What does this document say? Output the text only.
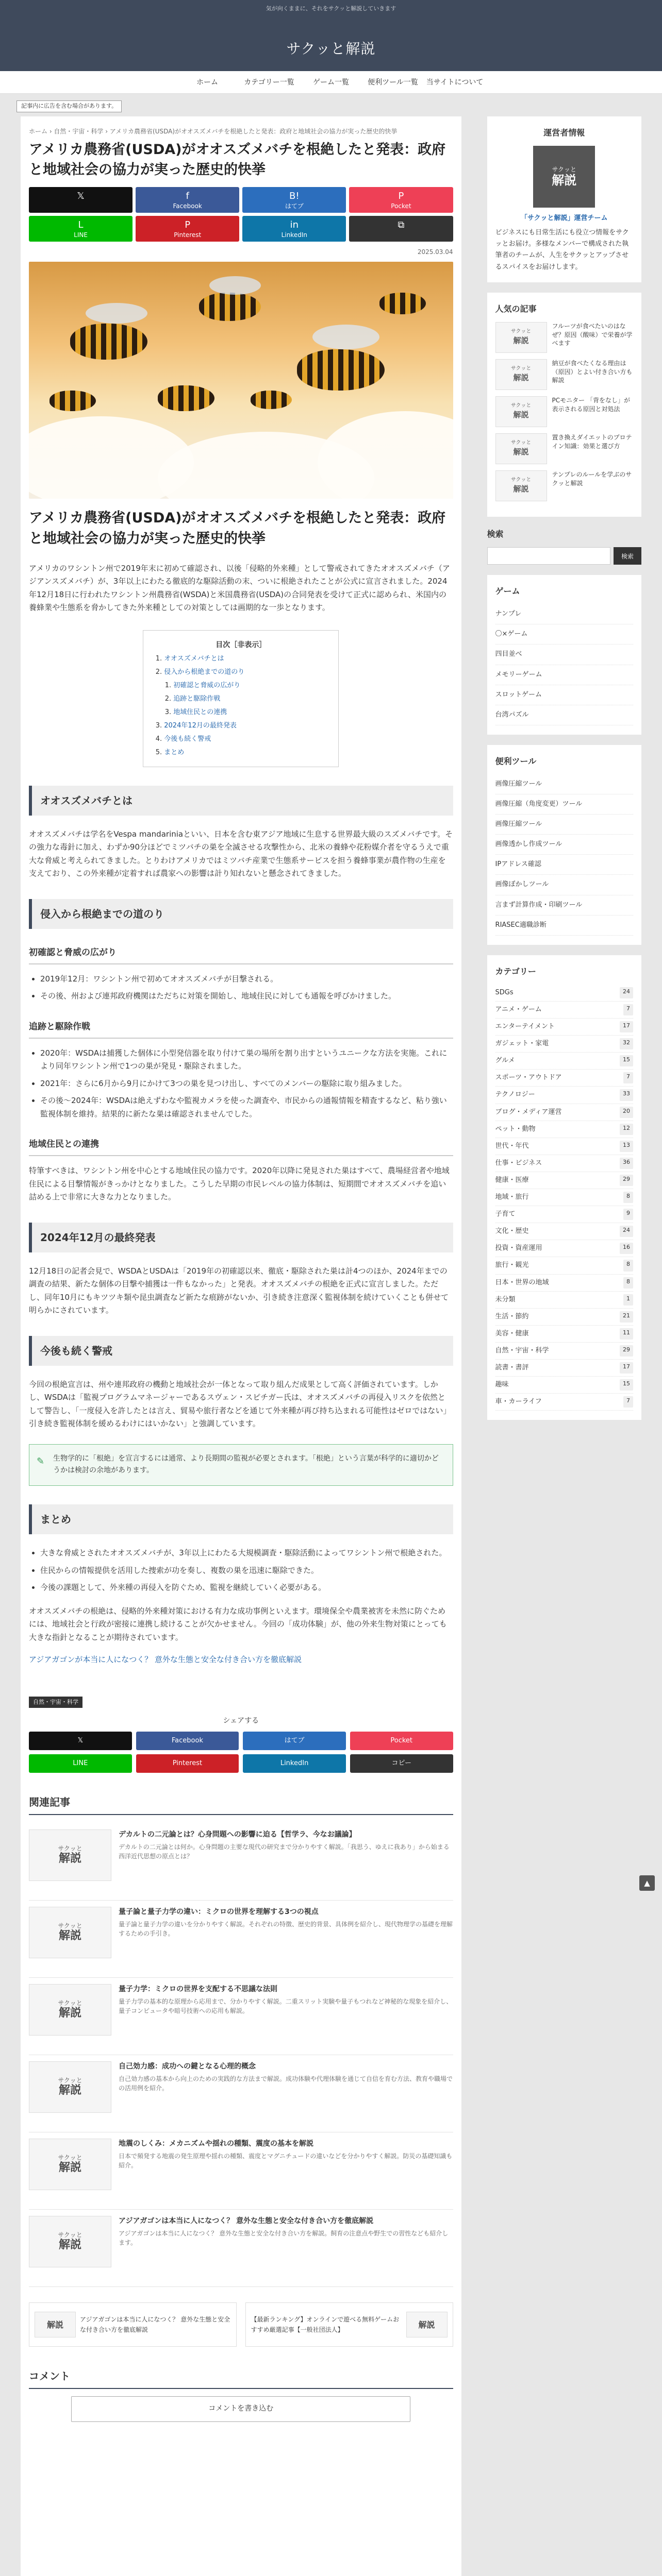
気が向くままに、それをサクッと解説していきます
サクッと解説
ホーム	カテゴリー一覧	ゲーム一覧	便利ツール一覧	当サイトについて
記事内に広告を含む場合があります。
ホーム › 自然・宇宙・科学 › アメリカ農務省(USDA)がオオスズメバチを根絶したと発表：政府と地域社会の協力が実った歴史的快挙
アメリカ農務省(USDA)がオオスズメバチを根絶したと発表：政府と地域社会の協力が実った歴史的快挙
𝕏	f
Facebook
B!
はてブ
P
Pocket
L
LINE
P
Pinterest
in
LinkedIn
⧉
2025.03.04
アメリカ農務省(USDA)がオオスズメバチを根絶したと発表：政府と地域社会の協力が実った歴史的快挙

アメリカのワシントン州で2019年末に初めて確認され、以後「侵略的外来種」として警戒されてきたオオスズメバチ（アジアンスズメバチ）が、3年以上にわたる徹底的な駆除活動の末、ついに根絶されたことが公式に宣言されました。2024年12月18日に行われたワシントン州農務省(WSDA)と米国農務省(USDA)の合同発表を受けて正式に認められ、米国内の養蜂業や生態系を脅かしてきた外来種としての対策としては画期的な一歩となります。

目次［非表示］
1. オオスズメバチとは
2. 侵入から根絶までの道のり
1. 初確認と脅威の広がり
2. 追跡と駆除作戦
3. 地域住民との連携
3. 2024年12月の最終発表
4. 今後も続く警戒
5. まとめ
オオスズメバチとは

オオスズメバチは学名をVespa mandariniaといい、日本を含む東アジア地域に生息する世界最大級のスズメバチです。その強力な毒針に加え、わずか90分ほどでミツバチの巣を全滅させる攻撃性から、北米の養蜂や花粉媒介者を守るうえで重大な脅威と考えられてきました。とりわけアメリカではミツバチ産業で生態系サービスを担う養蜂事業が農作物の生産を支えており、この外来種が定着すれば農家への影響は計り知れないと懸念されてきました。

侵入から根絶までの道のり
初確認と脅威の広がり
• 2019年12月：ワシントン州で初めてオオスズメバチが目撃される。
• その後、州および連邦政府機関はただちに対策を開始し、地域住民に対しても通報を呼びかけました。
追跡と駆除作戦
• 2020年：WSDAは捕獲した個体に小型発信器を取り付けて巣の場所を割り出すというユニークな方法を実施。これにより同年ワシントン州で1つの巣が発見・駆除されました。
• 2021年：さらに6月から9月にかけて3つの巣を見つけ出し、すべてのメンバーの駆除に取り組みました。
• その後〜2024年：WSDAは絶えずわなや監視カメラを使った調査や、市民からの通報情報を精査するなど、粘り強い監視体制を維持。結果的に新たな巣は確認されませんでした。
地域住民との連携

特筆すべきは、ワシントン州を中心とする地域住民の協力です。2020年以降に発見された巣はすべて、農場経営者や地域住民による目撃情報がきっかけとなりました。こうした早期の市民レベルの協力体制は、短期間でオオスズメバチを追い詰める上で非常に大きな力となりました。

2024年12月の最終発表

12月18日の記者会見で、WSDAとUSDAは「2019年の初確認以来、徹底・駆除された巣は計4つのほか、2024年までの調査の結果、新たな個体の目撃や捕獲は一件もなかった」と発表。オオスズメバチの根絶を正式に宣言しました。ただし、同年10月にもキツツキ類や昆虫調査など新たな痕跡がないか、引き続き注意深く監視体制を続けていくことも併せて明らかにされています。

今後も続く警戒

今回の根絶宣言は、州や連邦政府の機動と地域社会が一体となって取り組んだ成果として高く評価されています。しかし、WSDAは「監視プログラムマネージャーであるスヴェン・スピチガー氏は、オオスズメバチの再侵入リスクを依然として警告し、「一度侵入を許したとは言え、貿易や旅行者などを通じて外来種が再び持ち込まれる可能性はゼロではない」引き続き監視体制を緩めるわけにはいかない」と強調しています。

✎ 生物学的に「根絶」を宣言するには通常、より長期間の監視が必要とされます。「根絶」という言葉が科学的に適切かどうかは検討の余地があります。
まとめ
• 大きな脅威とされたオオスズメバチが、3年以上にわたる大規模調査・駆除活動によってワシントン州で根絶された。
• 住民からの情報提供を活用した捜索が功を奏し、複数の巣を迅速に駆除できた。
• 今後の課題として、外来種の再侵入を防ぐため、監視を継続していく必要がある。

オオスズメバチの根絶は、侵略的外来種対策における有力な成功事例といえます。環境保全や農業被害を未然に防ぐためには、地域社会と行政が密接に連携し続けることが欠かせません。今回の「成功体験」が、他の外来生物対策にとっても大きな指針となることが期待されています。

アジアガゴンが本当に人になつく？ 意外な生態と安全な付き合い方を徹底解説

自然・宇宙・科学
シェアする
𝕏	Facebook	はてブ	Pocket
LINE	Pinterest	LinkedIn	コピー
関連記事
サクッと
解説
デカルトの二元論とは？心身問題への影響に迫る【哲学ラ、今なお議論】
デカルトの二元論とは何か。心身問題の主要な現代の研究まで分かりやすく解説。「我思う、ゆえに我あり」から始まる西洋近代思想の原点とは？
サクッと
解説
量子論と量子力学の違い：ミクロの世界を理解する3つの視点
量子論と量子力学の違いを分かりやすく解説。それぞれの特徴、歴史的背景、具体例を紹介し、現代物理学の基礎を理解するための手引き。
サクッと
解説
量子力学：ミクロの世界を支配する不思議な法則
量子力学の基本的な原理から応用まで、分かりやすく解説。二重スリット実験や量子もつれなど神秘的な現象を紹介し、量子コンピュータや暗号技術への応用も解説。
サクッと
解説
自己効力感：成功への鍵となる心理的概念
自己効力感の基本から向上のための実践的な方法まで解説。成功体験や代理体験を通じて自信を育む方法、教育や職場での活用例を紹介。
サクッと
解説
地震のしくみ：メカニズムや揺れの種類、震度の基本を解説
日本で頻発する地震の発生原理や揺れの種類、震度とマグニチュードの違いなどを分かりやすく解説。防災の基礎知識も紹介。
サクッと
解説
アジアガゴンは本当に人になつく？ 意外な生態と安全な付き合い方を徹底解説
アジアガゴンは本当に人になつく？ 意外な生態と安全な付き合い方を解説。飼育の注意点や野生での習性なども紹介します。
解説
アジアガゴンは本当に人になつく？ 意外な生態と安全な付き合い方を徹底解説
【最新ランキング】オンラインで遊べる無料ゲームおすすめ厳選記事【一般社団法人】
解説
コメント
コメントを書き込む
運営者情報
サクッと
解説
「サクッと解説」運営チーム
ビジネスにも日常生活にも役立つ情報をサクッとお届け。多様なメンバーで構成された執筆者のチームが、人生をサクッとアップさせるスパイスをお届けします。
人気の記事
サクッと
解説
フルーツが食べたいのはなぜ？原因（酸味）で栄養が学べます
サクッと
解説
納豆が食べたくなる理由は（原因）とよい付き合い方も解説
サクッと
解説
PCモニター 「背をなし」が表示される原因と対処法
サクッと
解説
置き換えダイエットのプロテイン知識：効果と選び方
サクッと
解説
テンプレのルールを学ぶのサクッと解説
検索
検索
ゲーム
ナンプレ
〇×ゲーム
四目並べ
メモリーゲーム
スロットゲーム
台湾パズル
便利ツール
画像圧縮ツール
画像圧縮（角度変更）ツール
画像圧縮ツール
画像透かし作成ツール
IPアドレス確認
画像ぼかしツール
言まず計算作成・印刷ツール
RIASEC適職診断
カテゴリー
SDGs	24
アニメ・ゲーム	7
エンターテイメント	17
ガジェット・家電	32
グルメ	15
スポーツ・アウトドア	7
テクノロジー	33
ブログ・メディア運営	20
ペット・動物	12
世代・年代	13
仕事・ビジネス	36
健康・医療	29
地域・旅行	8
子育て	9
文化・歴史	24
投資・資産運用	16
旅行・観光	8
日本・世界の地域	8
未分類	1
生活・節約	21
美容・健康	11
自然・宇宙・科学	29
読書・書評	17
趣味	15
車・カーライフ	7
▲
